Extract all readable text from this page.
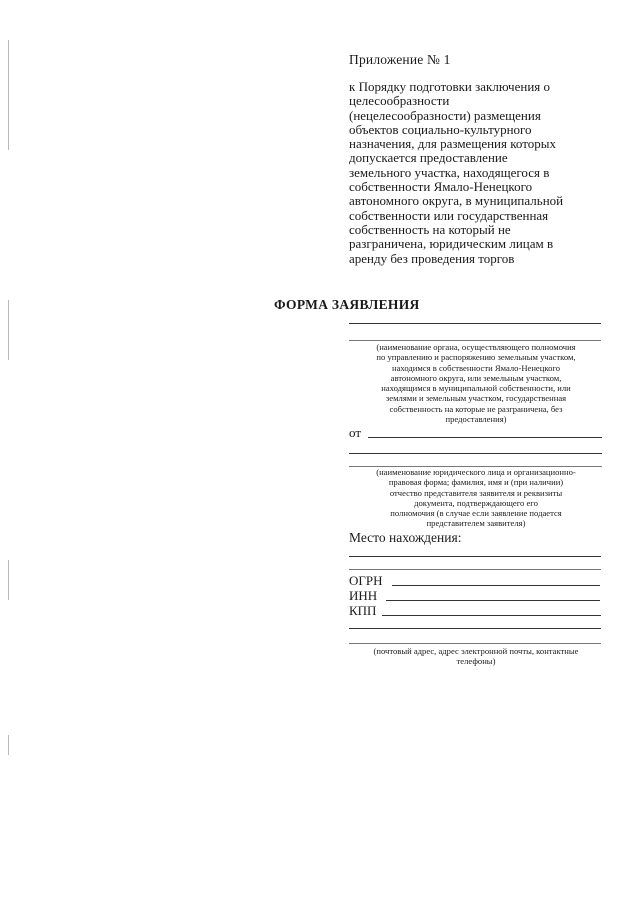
Приложение № 1
к Порядку подготовки заключения о
целесообразности
(нецелесообразности) размещения
объектов социально-культурного
назначения, для размещения которых
допускается предоставление
земельного участка, находящегося в
собственности Ямало-Ненецкого
автономного округа, в муниципальной
собственности или государственная
собственность на который не
разграничена, юридическим лицам в
аренду без проведения торгов
ФОРМА ЗАЯВЛЕНИЯ
(наименование органа, осуществляющего полномочия
по управлению и распоряжению земельным участком,
находимся в собственности Ямало-Ненецкого
автономного округа, или земельным участком,
находящимся в муниципальной собственности, или
землями и земельным участком, государственная
собственность на которые не разграничена, без
предоставления)
от
(наименование юридического лица и организационно-
правовая форма; фамилия, имя и (при наличии)
отчество представителя заявителя и реквизиты
документа, подтверждающего его
полномочия (в случае если заявление подается
представителем заявителя)
Место нахождения:
ОГРН
ИНН
КПП
(почтовый адрес, адрес электронной почты, контактные
телефоны)
